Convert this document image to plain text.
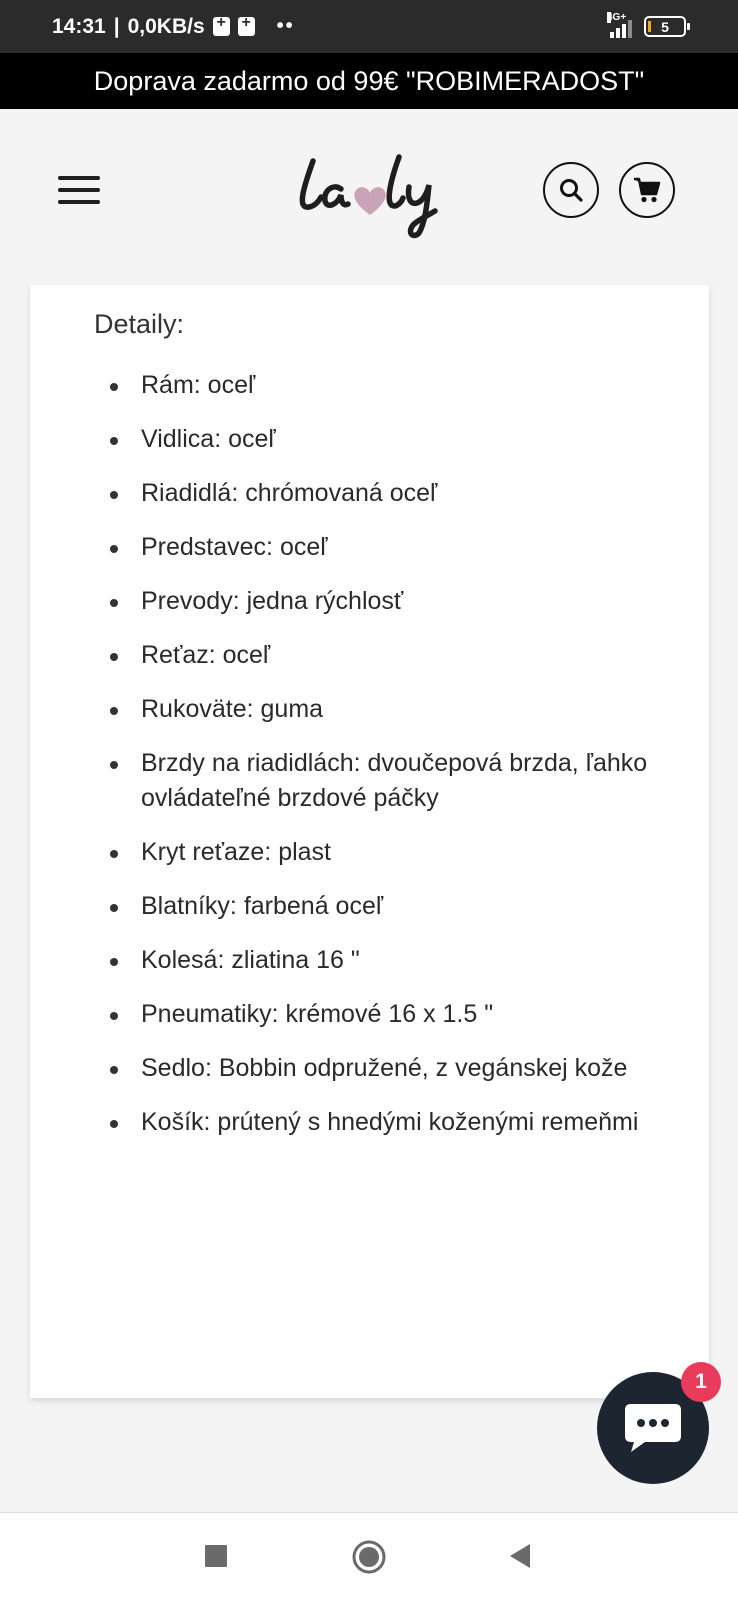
14:31 | 0,0KB/s + +	••	4G+
5
Doprava zadarmo od 99€ "ROBIMERADOST"
Detaily:
Rám: oceľ
Vidlica: oceľ
Riadidlá: chrómovaná oceľ
Predstavec: oceľ
Prevody: jedna rýchlosť
Reťaz: oceľ
Rukoväte: guma
Brzdy na riadidlách: dvoučepová brzda, ľahko ovládateľné brzdové páčky
Kryt reťaze: plast
Blatníky: farbená oceľ
Kolesá: zliatina 16 "
Pneumatiky: krémové 16 x 1.5 "
Sedlo: Bobbin odpružené, z vegánskej kože
Košík: prútený s hnedými koženými remeňmi
1
